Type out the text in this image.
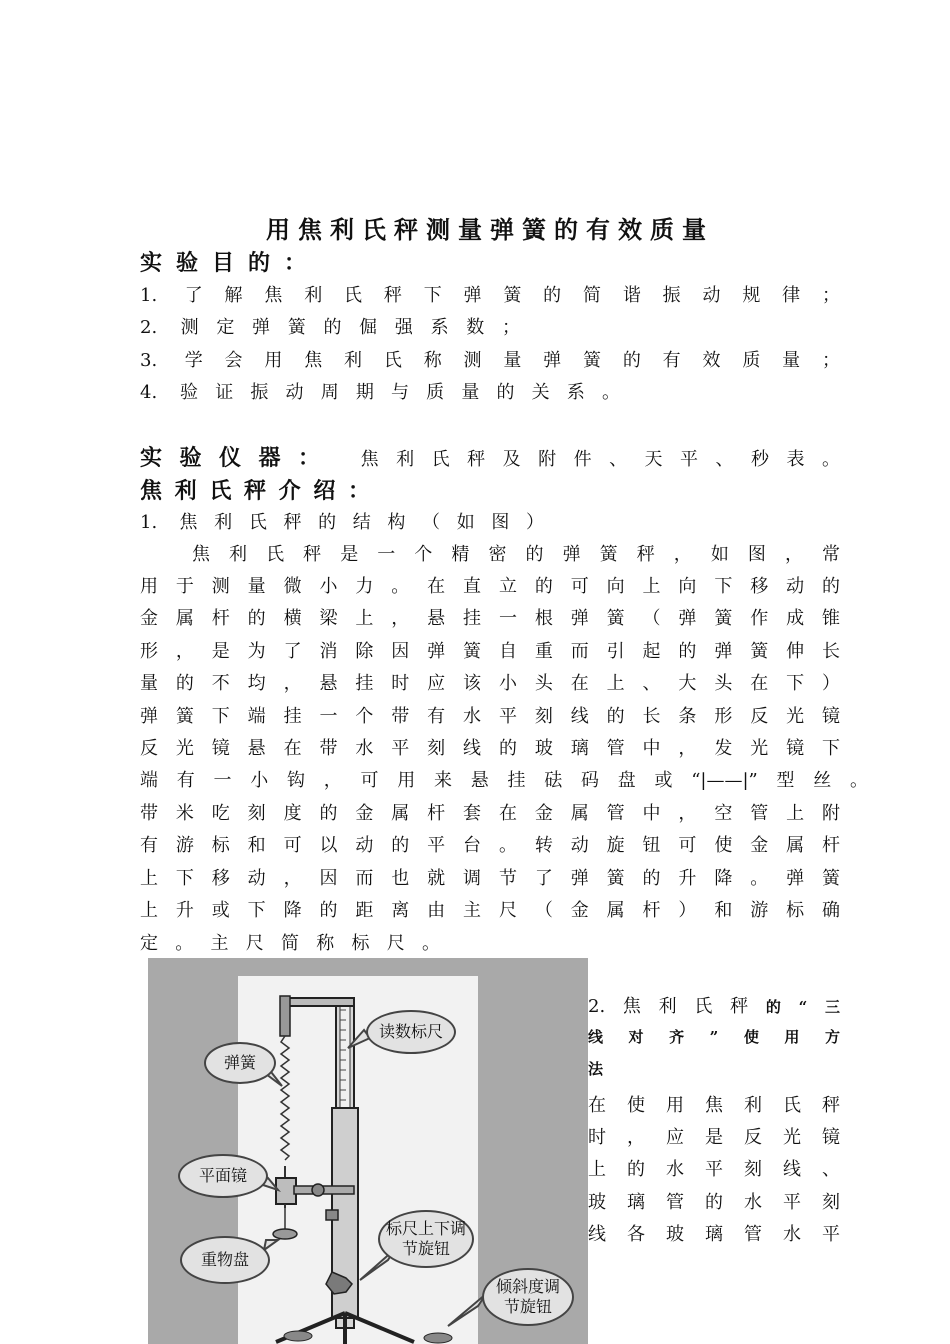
用焦利氏秤测量弹簧的有效质量
实验目的：
1. 了解焦利氏秤下弹簧的简谐振动规律；
2. 测定弹簧的倔强系数；
3. 学会用焦利氏称测量弹簧的有效质量；
4. 验证振动周期与质量的关系。
实验仪器： 焦利氏秤及附件、天平、秒表。
焦利氏秤介绍：
1. 焦利氏秤的结构（如图）
焦利氏秤是一个精密的弹簧秤，如图，常
用于测量微小力。在直立的可向上向下移动的
金属杆的横梁上，悬挂一根弹簧（弹簧作成锥
形，是为了消除因弹簧自重而引起的弹簧伸长
量的不均，悬挂时应该小头在上、大头在下）
弹簧下端挂一个带有水平刻线的长条形反光镜
反光镜悬在带水平刻线的玻璃管中，发光镜下
端有一小钩，可用来悬挂砝码盘或“|——|”型丝。
带米吃刻度的金属杆套在金属管中，空管上附
有游标和可以动的平台。转动旋钮可使金属杆
上下移动，因而也就调节了弹簧的升降。弹簧
上升或下降的距离由主尺（金属杆）和游标确
定。主尺简称标尺。
弹簧
读数标尺
平面镜
重物盘
标尺上下调节旋钮
倾斜度调节旋钮
2.焦利氏秤的“三
线对齐”使用方
法
在使用焦利氏秤
时，应是反光镜
上的水平刻线、
玻璃管的水平刻
线各玻璃管水平
